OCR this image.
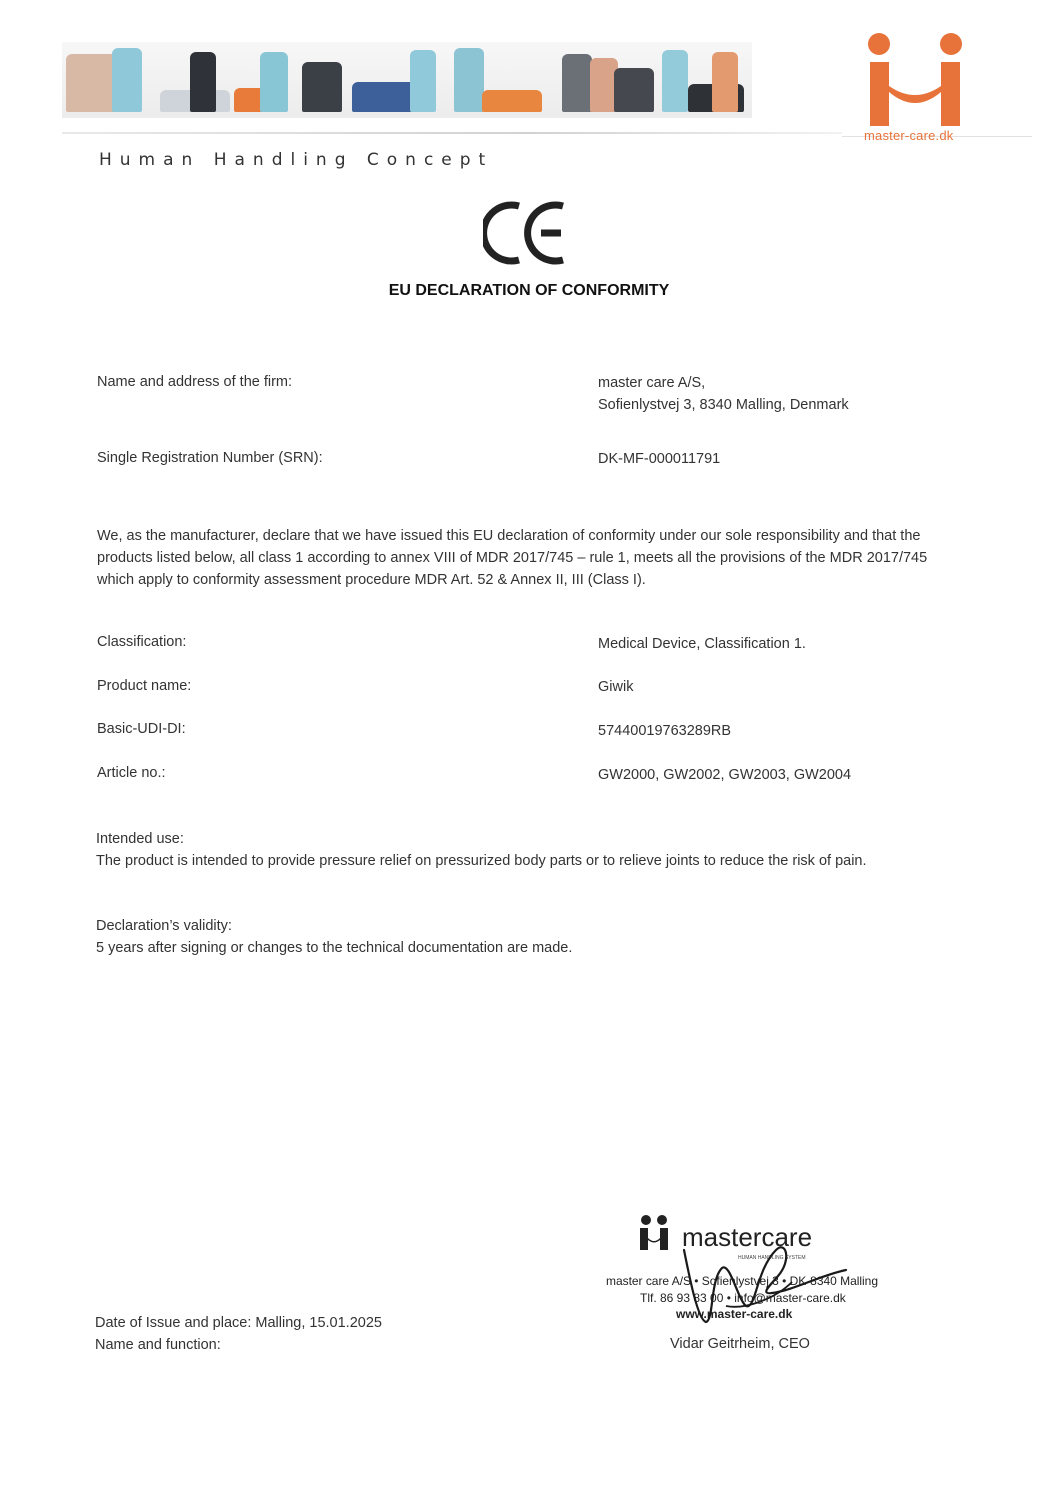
master-care.dk
Human Handling Concept
EU DECLARATION OF CONFORMITY
Name and address of the firm:	master care A/S,
Sofienlystvej 3, 8340 Malling, Denmark
Single Registration Number (SRN):	DK-MF-000011791
We, as the manufacturer, declare that we have issued this EU declaration of conformity under our sole responsibility and that the products listed below, all class 1 according to annex VIII of MDR 2017/745 – rule 1, meets all the provisions of the MDR 2017/745 which apply to conformity assessment procedure MDR Art. 52 & Annex II, III (Class I).
Classification:	Medical Device, Classification 1.
Product name:	Giwik
Basic-UDI-DI:	57440019763289RB
Article no.:	GW2000, GW2002, GW2003, GW2004
Intended use:
The product is intended to provide pressure relief on pressurized body parts or to relieve joints to reduce the risk of pain.
Declaration’s validity:
5 years after signing or changes to the technical documentation are made.
mastercare
HUMAN HANDLING SYSTEM
master care A/S • Sofienlystvej 3 • DK-8340 Malling
Tlf. 86 93 83 00 • info@master-care.dk
www.master-care.dk
Vidar Geitrheim, CEO
Date of Issue and place: Malling, 15.01.2025
Name and function:
